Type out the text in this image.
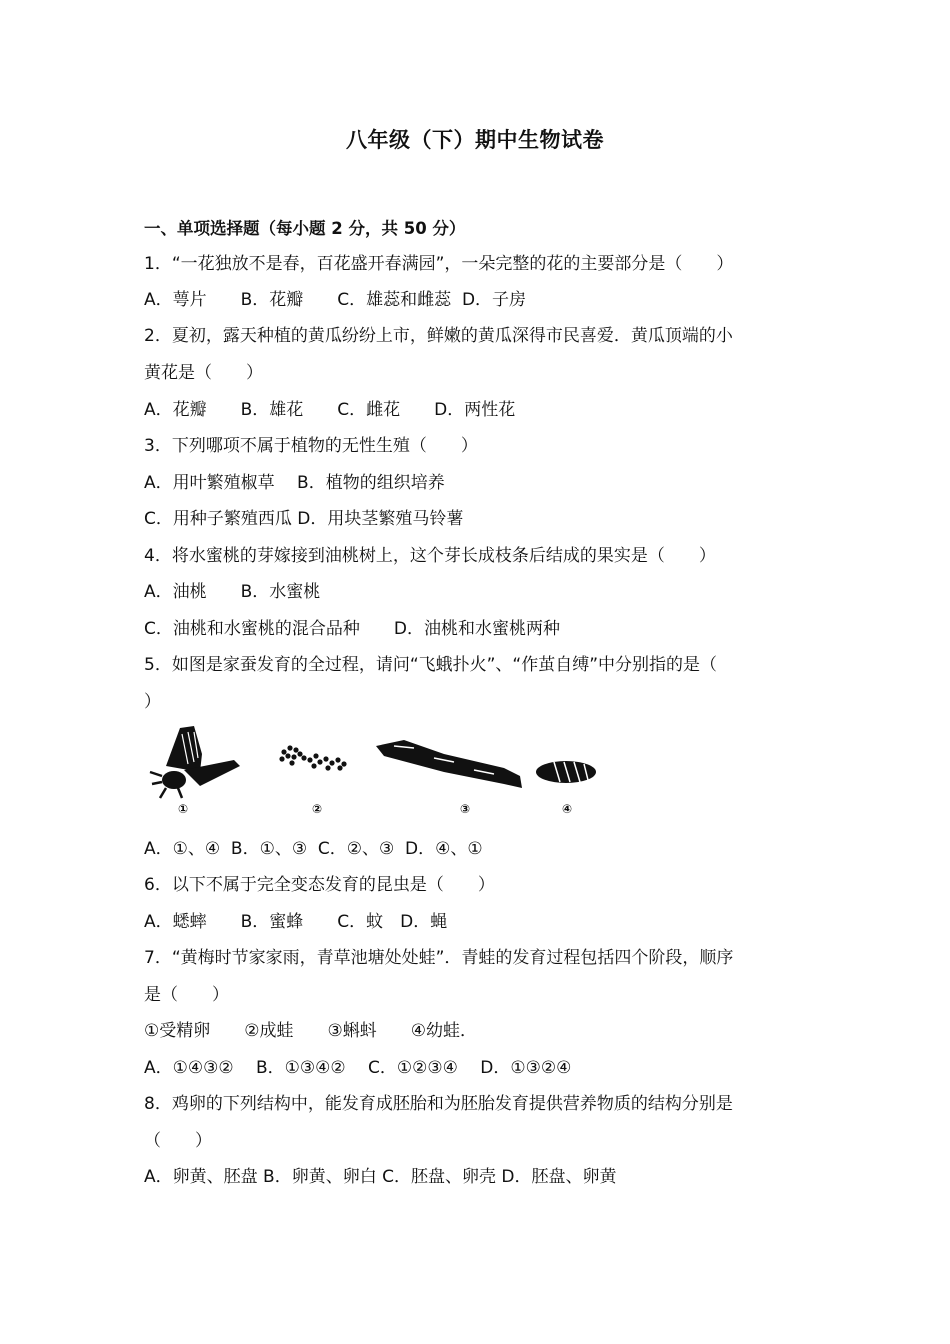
八年级（下）期中生物试卷
一、单项选择题（每小题 2 分，共 50 分）
1．“一花独放不是春，百花盛开春满园”，一朵完整的花的主要部分是（　　）
A．萼片　　B．花瓣　　C．雄蕊和雌蕊  D．子房
2．夏初，露天种植的黄瓜纷纷上市，鲜嫩的黄瓜深得市民喜爱．黄瓜顶端的小
黄花是（　　）
A．花瓣　　B．雄花　　C．雌花　　D．两性花
3．下列哪项不属于植物的无性生殖（　　）
A．用叶繁殖椒草　 B．植物的组织培养
C．用种子繁殖西瓜 D．用块茎繁殖马铃薯
4．将水蜜桃的芽嫁接到油桃树上，这个芽长成枝条后结成的果实是（　　）
A．油桃　　B．水蜜桃
C．油桃和水蜜桃的混合品种　　D．油桃和水蜜桃两种
5．如图是家蚕发育的全过程，请问“飞蛾扑火”、“作茧自缚”中分别指的是（
）
①	②	③	④
A．①、④  B．①、③  C．②、③  D．④、①
6．以下不属于完全变态发育的昆虫是（　　）
A．蟋蟀　　B．蜜蜂　　C．蚊　D．蝇
7．“黄梅时节家家雨，青草池塘处处蛙”．青蛙的发育过程包括四个阶段，顺序
是（　　）
①受精卵　　②成蛙　　③蝌蚪　　④幼蛙．
A．①④③②　 B．①③④②　 C．①②③④　 D．①③②④
8．鸡卵的下列结构中，能发育成胚胎和为胚胎发育提供营养物质的结构分别是
（　　）
A．卵黄、胚盘 B．卵黄、卵白 C．胚盘、卵壳 D．胚盘、卵黄
